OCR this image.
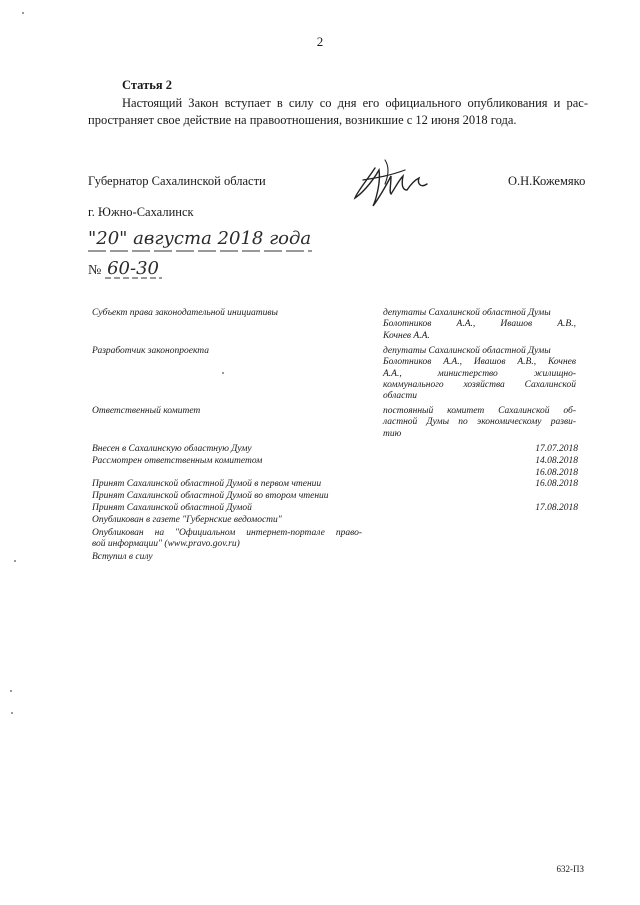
2
Статья 2
Настоящий Закон вступает в силу со дня его официального опубликования и рас-
пространяет свое действие на правоотношения, возникшие с 12 июня 2018 года.
Губернатор Сахалинской области	О.Н.Кожемяко
г. Южно-Сахалинск
"20" августа 2018 года
№ 60-30
Субъект права законодательной инициативы	депутаты Сахалинской областной Думы
Болотников А.А., Ивашов А.В.,
Кочнев А.А.
Разработчик законопроекта	депутаты Сахалинской областной Думы
Болотников А.А., Ивашов А.В., Кочнев
А.А., министерство жилищно-
коммунального хозяйства Сахалинской
области
Ответственный комитет	постоянный комитет Сахалинской об-
ластной Думы по экономическому разви-
тию
Внесен в Сахалинскую областную Думу	17.07.2018
Рассмотрен ответственным комитетом	14.08.2018
16.08.2018
Принят Сахалинской областной Думой в первом чтении	16.08.2018
Принят Сахалинской областной Думой во втором чтении
Принят Сахалинской областной Думой	17.08.2018
Опубликован в газете "Губернские ведомости"
Опубликован на "Официальном интернет-портале право-
вой информации" (www.pravo.gov.ru)
Вступил в силу
632-ПЗ
